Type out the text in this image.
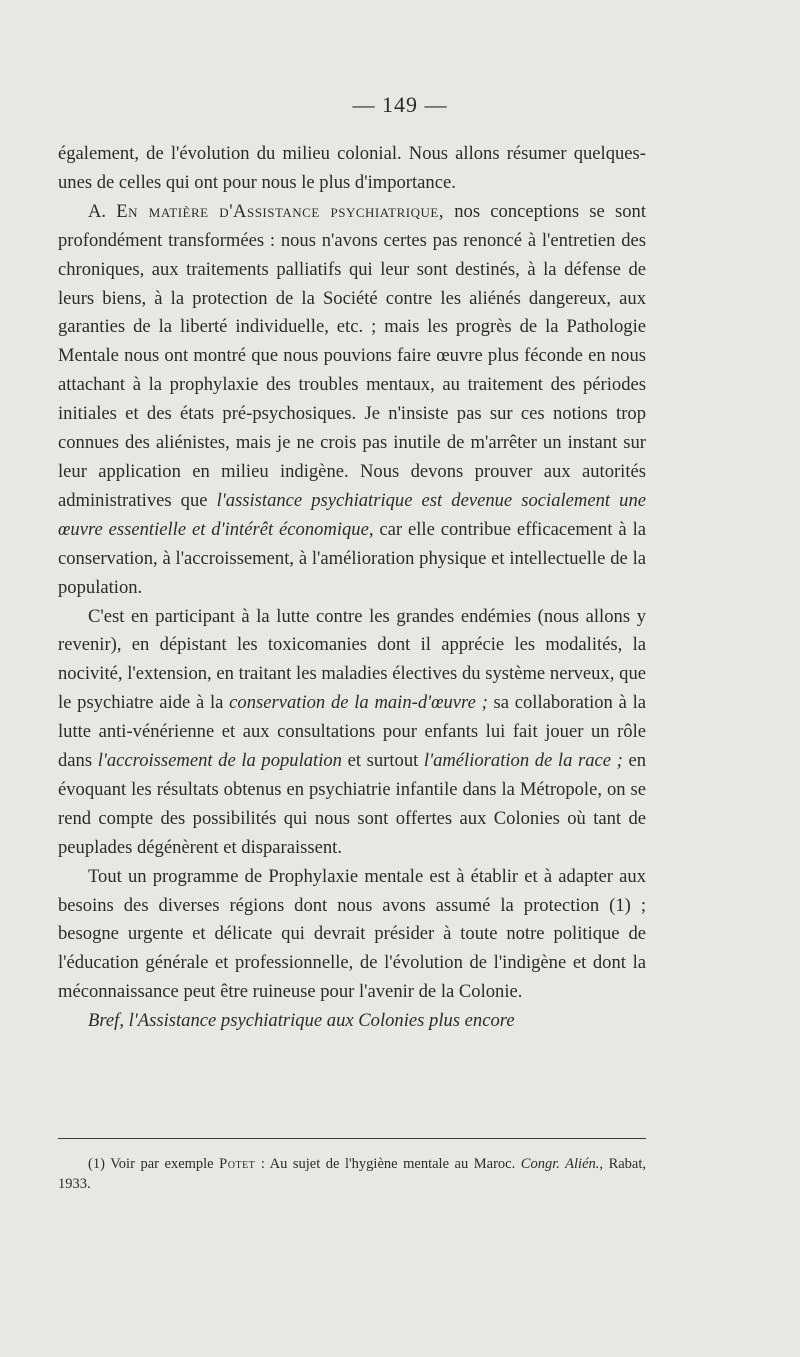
— 149 —

également, de l'évolution du milieu colonial. Nous allons résumer quelques-unes de celles qui ont pour nous le plus d'importance.

A. En matière d'Assistance psychiatrique, nos conceptions se sont profondément transformées : nous n'avons certes pas renoncé à l'entretien des chroniques, aux traitements palliatifs qui leur sont destinés, à la défense de leurs biens, à la protection de la Société contre les aliénés dangereux, aux garanties de la liberté individuelle, etc. ; mais les progrès de la Pathologie Mentale nous ont montré que nous pouvions faire œuvre plus féconde en nous attachant à la prophylaxie des troubles mentaux, au traitement des périodes initiales et des états pré-psychosiques. Je n'insiste pas sur ces notions trop connues des aliénistes, mais je ne crois pas inutile de m'arrêter un instant sur leur application en milieu indigène. Nous devons prouver aux autorités administratives que l'assistance psychiatrique est devenue socialement une œuvre essentielle et d'intérêt économique, car elle contribue efficacement à la conservation, à l'accroissement, à l'amélioration physique et intellectuelle de la population.

C'est en participant à la lutte contre les grandes endémies (nous allons y revenir), en dépistant les toxicomanies dont il apprécie les modalités, la nocivité, l'extension, en traitant les maladies électives du système nerveux, que le psychiatre aide à la conservation de la main-d'œuvre ; sa collaboration à la lutte anti-vénérienne et aux consultations pour enfants lui fait jouer un rôle dans l'accroissement de la population et surtout l'amélioration de la race ; en évoquant les résultats obtenus en psychiatrie infantile dans la Métropole, on se rend compte des possibilités qui nous sont offertes aux Colonies où tant de peuplades dégénèrent et disparaissent.

Tout un programme de Prophylaxie mentale est à établir et à adapter aux besoins des diverses régions dont nous avons assumé la protection (1) ; besogne urgente et délicate qui devrait présider à toute notre politique de l'éducation générale et professionnelle, de l'évolution de l'indigène et dont la méconnaissance peut être ruineuse pour l'avenir de la Colonie.

Bref, l'Assistance psychiatrique aux Colonies plus encore

(1) Voir par exemple Potet : Au sujet de l'hygiène mentale au Maroc. Congr. Alién., Rabat, 1933.
